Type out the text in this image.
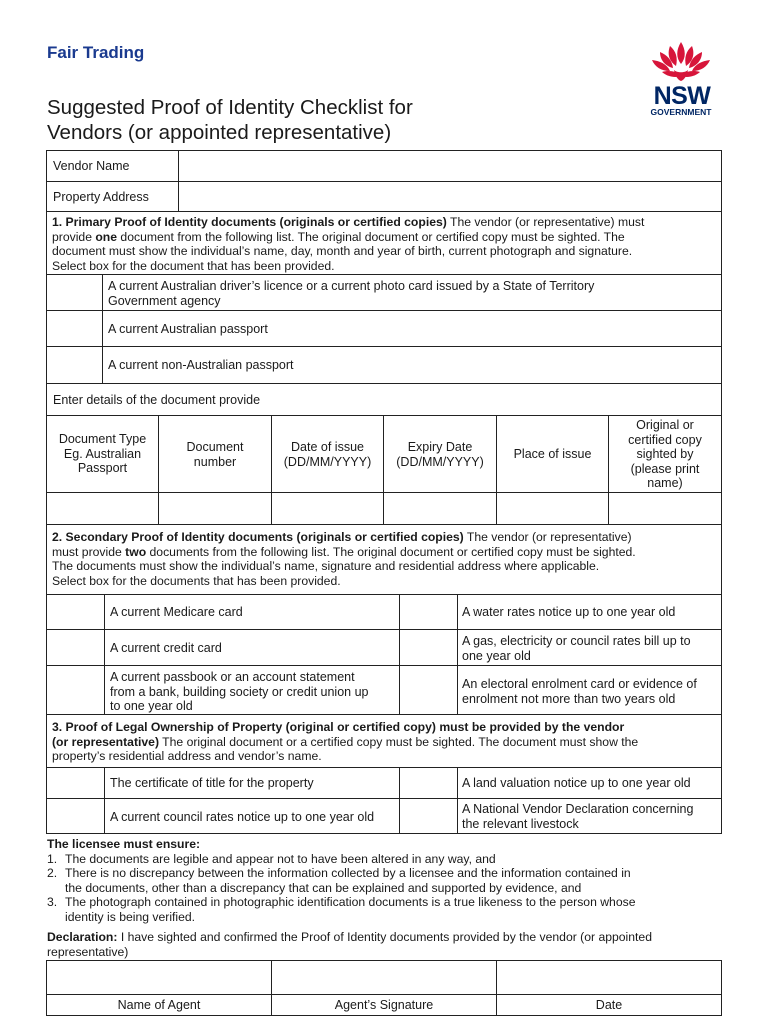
Fair Trading
Suggested Proof of Identity Checklist for
Vendors (or appointed representative)
NSW
GOVERNMENT
Vendor Name
Property Address
1. Primary Proof of Identity documents (originals or certified copies) The vendor (or representative) must
provide one document from the following list. The original document or certified copy must be sighted. The
document must show the individual’s name, day, month and year of birth, current photograph and signature.
Select box for the document that has been provided.
A current Australian driver’s licence or a current photo card issued by a State of Territory
Government agency
A current Australian passport
A current non-Australian passport
Enter details of the document provide
Document Type
Eg. Australian
Passport
Document
number
Date of issue
(DD/MM/YYYY)
Expiry Date
(DD/MM/YYYY)
Place of issue
Original or
certified copy
sighted by
(please print
name)
2. Secondary Proof of Identity documents (originals or certified copies) The vendor (or representative)
must provide two documents from the following list. The original document or certified copy must be sighted.
The documents must show the individual’s name, signature and residential address where applicable.
Select box for the documents that has been provided.
A current Medicare card
A current credit card
A current passbook or an account statement
from a bank, building society or credit union up
to one year old
A water rates notice up to one year old
A gas, electricity or council rates bill up to
one year old
An electoral enrolment card or evidence of
enrolment not more than two years old
3. Proof of Legal Ownership of Property (original or certified copy) must be provided by the vendor
(or representative) The original document or a certified copy must be sighted. The document must show the
property’s residential address and vendor’s name.
The certificate of title for the property
A current council rates notice up to one year old
A land valuation notice up to one year old
A National Vendor Declaration concerning
the relevant livestock
The licensee must ensure:
1. The documents are legible and appear not to have been altered in any way, and
2. There is no discrepancy between the information collected by a licensee and the information contained in
the documents, other than a discrepancy that can be explained and supported by evidence, and
3. The photograph contained in photographic identification documents is a true likeness to the person whose
identity is being verified.
Declaration: I have sighted and confirmed the Proof of Identity documents provided by the vendor (or appointed
representative)
Name of Agent	Agent’s Signature	Date
